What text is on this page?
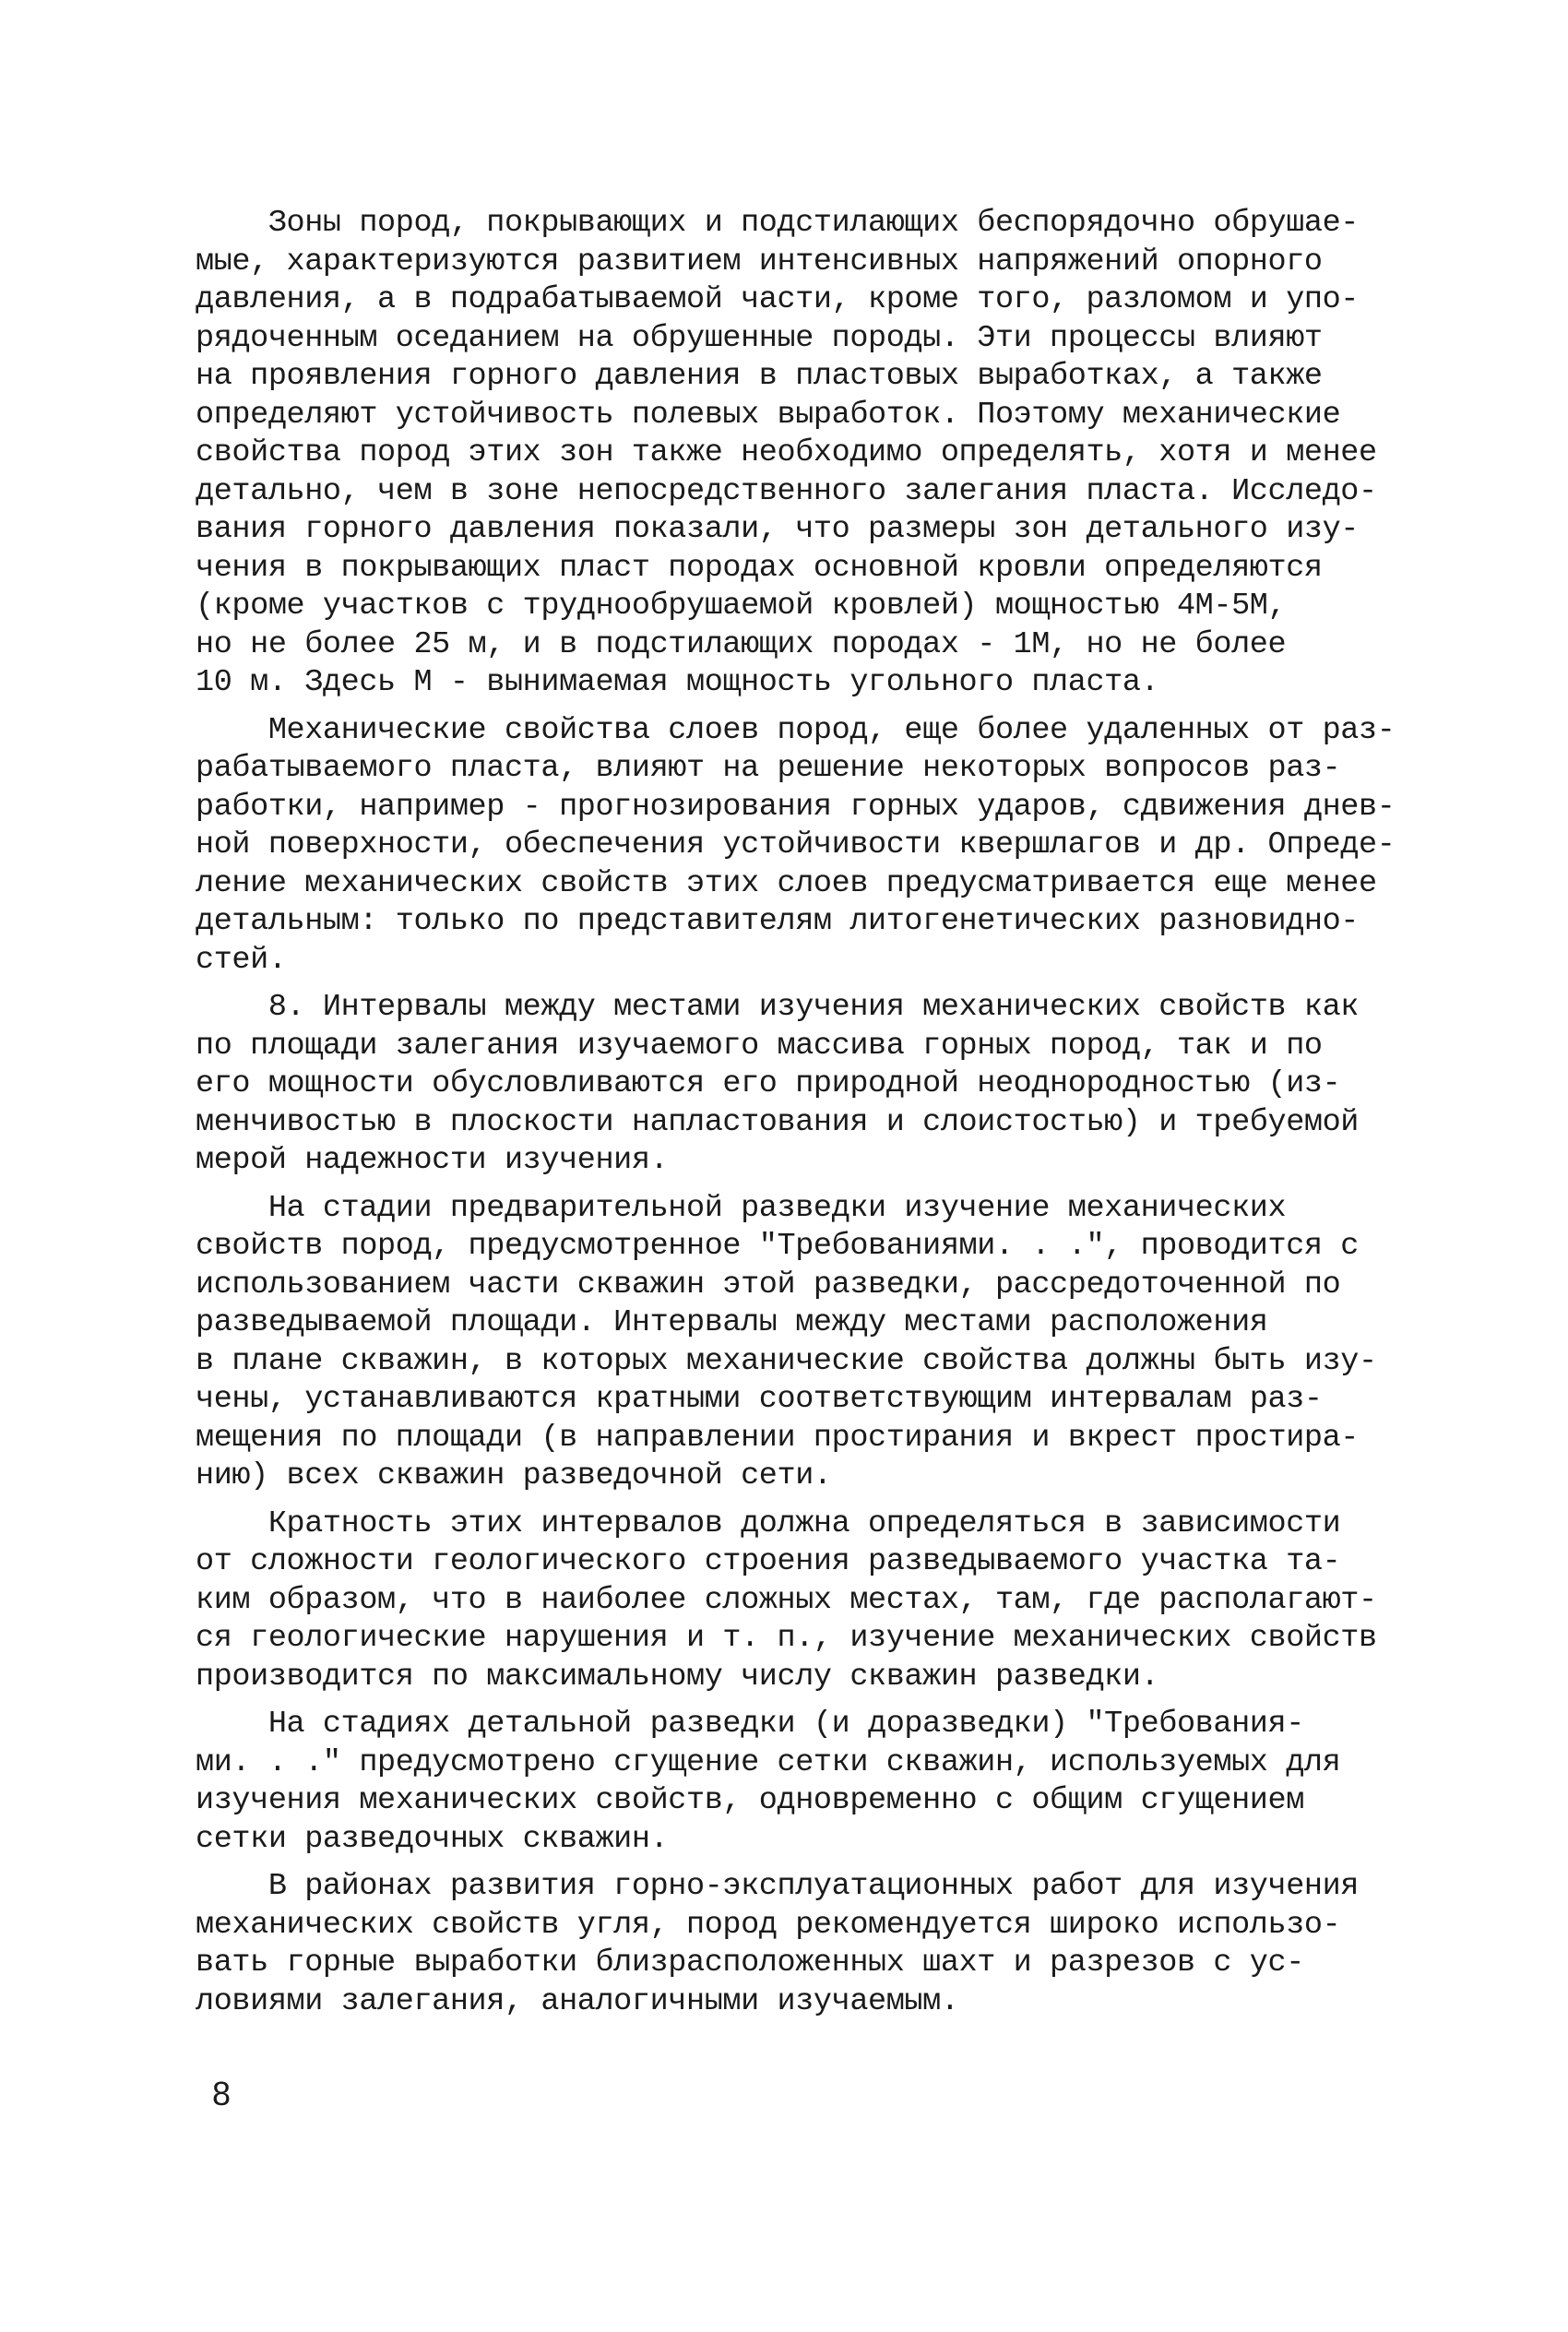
Зоны пород, покрывающих и подстилающих беспорядочно обрушае-
мые, характеризуются развитием интенсивных напряжений опорного
давления, а в подрабатываемой части, кроме того, разломом и упо-
рядоченным оседанием на обрушенные породы. Эти процессы влияют
на проявления горного давления в пластовых выработках, а также
определяют устойчивость полевых выработок. Поэтому механические
свойства пород этих зон также необходимо определять, хотя и менее
детально, чем в зоне непосредственного залегания пласта. Исследо-
вания горного давления показали, что размеры зон детального изу-
чения в покрывающих пласт породах основной кровли определяются
(кроме участков с труднообрушаемой кровлей) мощностью 4М-5М,
но не более 25 м, и в подстилающих породах - 1М, но не более
10 м. Здесь М - вынимаемая мощность угольного пласта.

Механические свойства слоев пород, еще более удаленных от раз-
рабатываемого пласта, влияют на решение некоторых вопросов раз-
работки, например - прогнозирования горных ударов, сдвижения днев-
ной поверхности, обеспечения устойчивости квершлагов и др. Опреде-
ление механических свойств этих слоев предусматривается еще менее
детальным: только по представителям литогенетических разновидно-
стей.

8. Интервалы между местами изучения механических свойств как
по площади залегания изучаемого массива горных пород, так и по
его мощности обусловливаются его природной неоднородностью (из-
менчивостью в плоскости напластования и слоистостью) и требуемой
мерой надежности изучения.

На стадии предварительной разведки изучение механических
свойств пород, предусмотренное "Требованиями. . .", проводится с
использованием части скважин этой разведки, рассредоточенной по
разведываемой площади. Интервалы между местами расположения
в плане скважин, в которых механические свойства должны быть изу-
чены, устанавливаются кратными соответствующим интервалам раз-
мещения по площади (в направлении простирания и вкрест простира-
нию) всех скважин разведочной сети.

Кратность этих интервалов должна определяться в зависимости
от сложности геологического строения разведываемого участка та-
ким образом, что в наиболее сложных местах, там, где располагают-
ся геологические нарушения и т. п., изучение механических свойств
производится по максимальному числу скважин разведки.

На стадиях детальной разведки (и доразведки) "Требования-
ми. . ." предусмотрено сгущение сетки скважин, используемых для
изучения механических свойств, одновременно с общим сгущением
сетки разведочных скважин.

В районах развития горно-эксплуатационных работ для изучения
механических свойств угля, пород рекомендуется широко использо-
вать горные выработки близрасположенных шахт и разрезов с ус-
ловиями залегания, аналогичными изучаемым.

8
